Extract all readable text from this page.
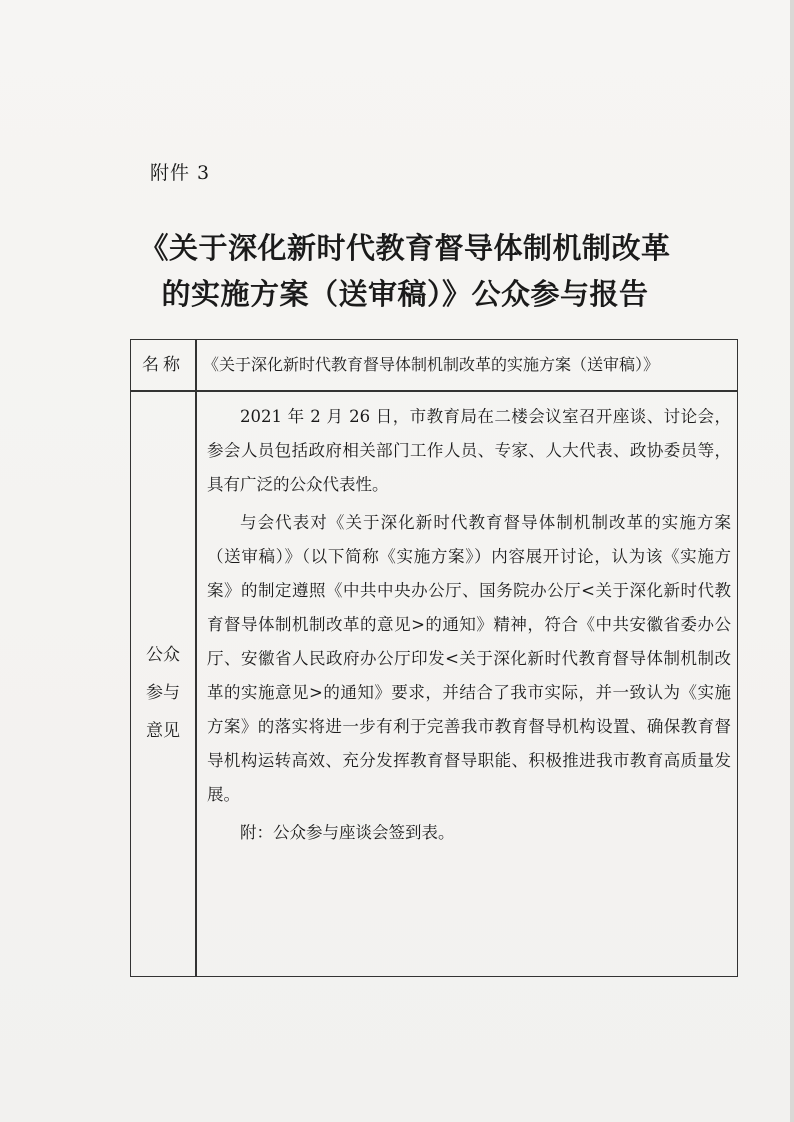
附件 3
《关于深化新时代教育督导体制机制改革
的实施方案（送审稿）》公众参与报告
名称	《关于深化新时代教育督导体制机制改革的实施方案（送审稿）》
公众
参与
意见

2021 年 2 月 26 日，市教育局在二楼会议室召开座谈、讨论会，参会人员包括政府相关部门工作人员、专家、人大代表、政协委员等，具有广泛的公众代表性。

与会代表对《关于深化新时代教育督导体制机制改革的实施方案（送审稿）》（以下简称《实施方案》）内容展开讨论，认为该《实施方案》的制定遵照《中共中央办公厅、国务院办公厅<关于深化新时代教育督导体制机制改革的意见>的通知》精神，符合《中共安徽省委办公厅、安徽省人民政府办公厅印发<关于深化新时代教育督导体制机制改革的实施意见>的通知》要求，并结合了我市实际，并一致认为《实施方案》的落实将进一步有利于完善我市教育督导机构设置、确保教育督导机构运转高效、充分发挥教育督导职能、积极推进我市教育高质量发展。

附：公众参与座谈会签到表。
